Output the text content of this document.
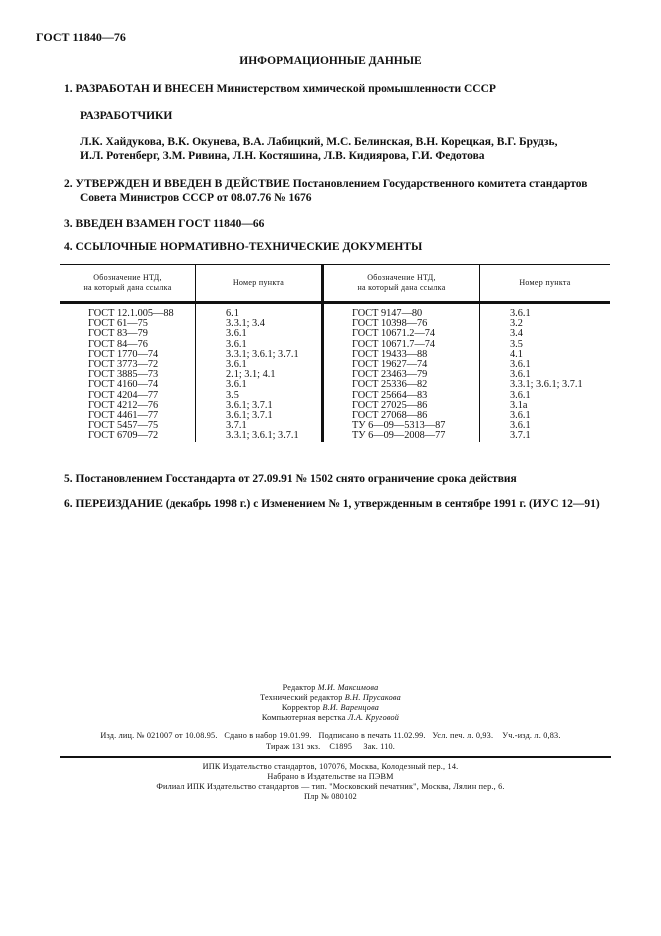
ГОСТ 11840—76
ИНФОРМАЦИОННЫЕ ДАННЫЕ
1. РАЗРАБОТАН И ВНЕСЕН Министерством химической промышленности СССР
РАЗРАБОТЧИКИ
Л.К. Хайдукова, В.К. Окунева, В.А. Лабицкий, М.С. Белинская, В.Н. Корецкая, В.Г. Брудзь,
И.Л. Ротенберг, З.М. Ривина, Л.Н. Костяшина, Л.В. Кидиярова, Г.И. Федотова
2. УТВЕРЖДЕН И ВВЕДЕН В ДЕЙСТВИЕ Постановлением Государственного комитета стандартов
Совета Министров СССР от 08.07.76 № 1676
3. ВВЕДЕН ВЗАМЕН ГОСТ 11840—66
4. ССЫЛОЧНЫЕ НОРМАТИВНО-ТЕХНИЧЕСКИЕ ДОКУМЕНТЫ
Обозначение НТД,
на который дана ссылка	Номер пункта	Обозначение НТД,
на который дана ссылка	Номер пункта
ГОСТ 12.1.005—88	6.1	ГОСТ 9147—80	3.6.1
ГОСТ 61—75	3.3.1; 3.4	ГОСТ 10398—76	3.2
ГОСТ 83—79	3.6.1	ГОСТ 10671.2—74	3.4
ГОСТ 84—76	3.6.1	ГОСТ 10671.7—74	3.5
ГОСТ 1770—74	3.3.1; 3.6.1; 3.7.1	ГОСТ 19433—88	4.1
ГОСТ 3773—72	3.6.1	ГОСТ 19627—74	3.6.1
ГОСТ 3885—73	2.1; 3.1; 4.1	ГОСТ 23463—79	3.6.1
ГОСТ 4160—74	3.6.1	ГОСТ 25336—82	3.3.1; 3.6.1; 3.7.1
ГОСТ 4204—77	3.5	ГОСТ 25664—83	3.6.1
ГОСТ 4212—76	3.6.1; 3.7.1	ГОСТ 27025—86	3.1а
ГОСТ 4461—77	3.6.1; 3.7.1	ГОСТ 27068—86	3.6.1
ГОСТ 5457—75	3.7.1	ТУ 6—09—5313—87	3.6.1
ГОСТ 6709—72	3.3.1; 3.6.1; 3.7.1	ТУ 6—09—2008—77	3.7.1
5. Постановлением Госстандарта от 27.09.91 № 1502 снято ограничение срока действия
6. ПЕРЕИЗДАНИЕ (декабрь 1998 г.) с Изменением № 1, утвержденным в сентябре 1991 г. (ИУС 12—91)
Редактор М.И. Максимова
Технический редактор В.Н. Прусакова
Корректор В.И. Варенцова
Компьютерная верстка Л.А. Круговой
Изд. лиц. № 021007 от 10.08.95.   Сдано в набор 19.01.99.   Подписано в печать 11.02.99.   Усл. печ. л. 0,93.    Уч.-изд. л. 0,83.
Тираж 131 экз.    С1895     Зак. 110.
ИПК Издательство стандартов, 107076, Москва, Колодезный пер., 14.
Набрано в Издательстве на ПЭВМ
Филиал ИПК Издательство стандартов — тип. "Московский печатник", Москва, Лялин пер., 6.
Плр № 080102
